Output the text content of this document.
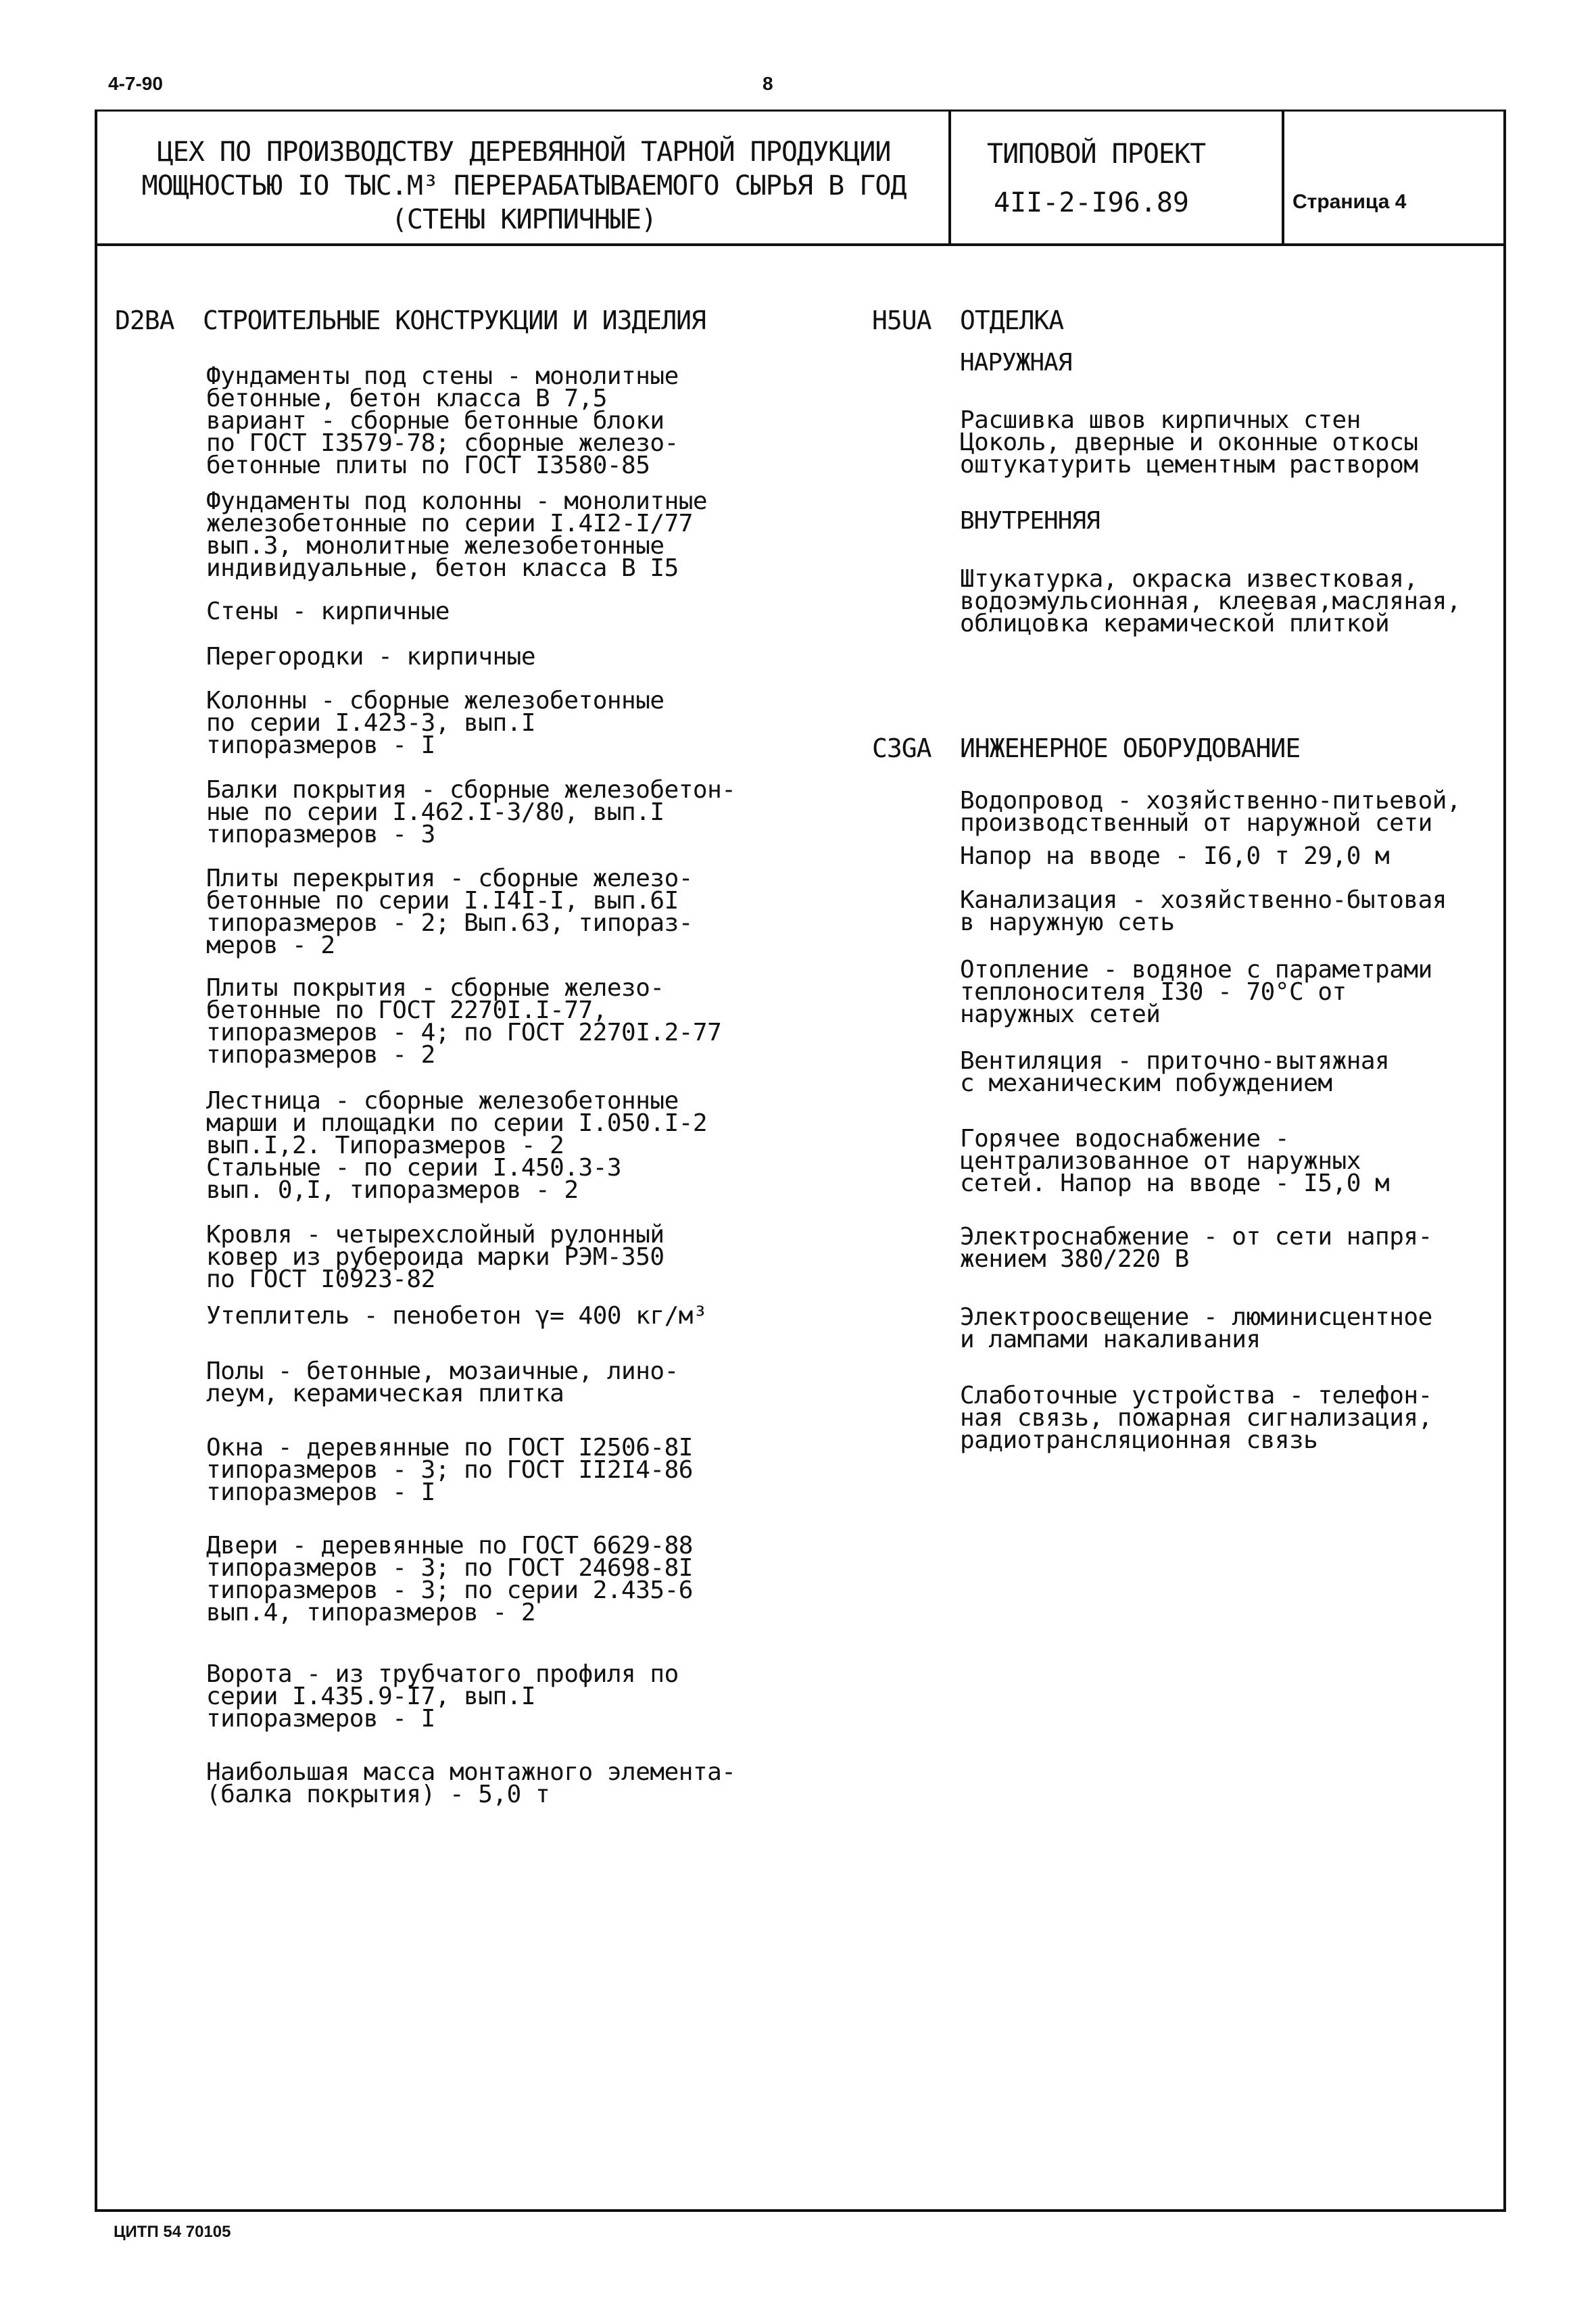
4-7-90	8
ЦЕХ ПО ПРОИЗВОДСТВУ ДЕРЕВЯННОЙ ТАРНОЙ ПРОДУКЦИИ
МОЩНОСТЬЮ IO ТЫС.М³ ПЕРЕРАБАТЫВАЕМОГО СЫРЬЯ В ГОД
(СТЕНЫ КИРПИЧНЫЕ)
ТИПОВОЙ ПРОЕКТ
4II-2-I96.89	Страница 4
D2BA СТРОИТЕЛЬНЫЕ КОНСТРУКЦИИ И ИЗДЕЛИЯ
Фундаменты под стены - монолитные
бетонные, бетон класса В 7,5
вариант - сборные бетонные блоки
по ГОСТ I3579-78; сборные железо-
бетонные плиты по ГОСТ I3580-85
Фундаменты под колонны - монолитные
железобетонные по серии I.4I2-I/77
вып.3, монолитные железобетонные
индивидуальные, бетон класса В I5
Стены - кирпичные
Перегородки - кирпичные
Колонны - сборные железобетонные
по серии I.423-3, вып.I
типоразмеров - I
Балки покрытия - сборные железобетон-
ные по серии I.462.I-3/80, вып.I
типоразмеров - 3
Плиты перекрытия - сборные железо-
бетонные по серии I.I4I-I, вып.6I
типоразмеров - 2; Вып.63, типораз-
меров - 2
Плиты покрытия - сборные железо-
бетонные по ГОСТ 2270I.I-77,
типоразмеров - 4; по ГОСТ 2270I.2-77
типоразмеров - 2
Лестница - сборные железобетонные
марши и площадки по серии I.050.I-2
вып.I,2. Типоразмеров - 2
Стальные - по серии I.450.3-3
вып. 0,I, типоразмеров - 2
Кровля - четырехслойный рулонный
ковер из рубероида марки РЭМ-350
по ГОСТ I0923-82
Утеплитель - пенобетон γ= 400 кг/м³
Полы - бетонные, мозаичные, лино-
леум, керамическая плитка
Окна - деревянные по ГОСТ I2506-8I
типоразмеров - 3; по ГОСТ II2I4-86
типоразмеров - I
Двери - деревянные по ГОСТ 6629-88
типоразмеров - 3; по ГОСТ 24698-8I
типоразмеров - 3; по серии 2.435-6
вып.4, типоразмеров - 2
Ворота - из трубчатого профиля по
серии I.435.9-I7, вып.I
типоразмеров - I
Наибольшая масса монтажного элемента-
(балка покрытия) - 5,0 т
H5UA ОТДЕЛКА
НАРУЖНАЯ
Расшивка швов кирпичных стен
Цоколь, дверные и оконные откосы
оштукатурить цементным раствором
ВНУТРЕННЯЯ
Штукатурка, окраска известковая,
водоэмульсионная, клеевая,масляная,
облицовка керамической плиткой
C3GA ИНЖЕНЕРНОЕ ОБОРУДОВАНИЕ
Водопровод - хозяйственно-питьевой,
производственный от наружной сети
Напор на вводе - I6,0 т 29,0 м
Канализация - хозяйственно-бытовая
в наружную сеть
Отопление - водяное с параметрами
теплоносителя I30 - 70°C от
наружных сетей
Вентиляция - приточно-вытяжная
с механическим побуждением
Горячее водоснабжение -
централизованное от наружных
сетей. Напор на вводе - I5,0 м
Электроснабжение - от сети напря-
жением 380/220 В
Электроосвещение - люминисцентное
и лампами накаливания
Слаботочные устройства - телефон-
ная связь, пожарная сигнализация,
радиотрансляционная связь
ЦИТП 54 70105
